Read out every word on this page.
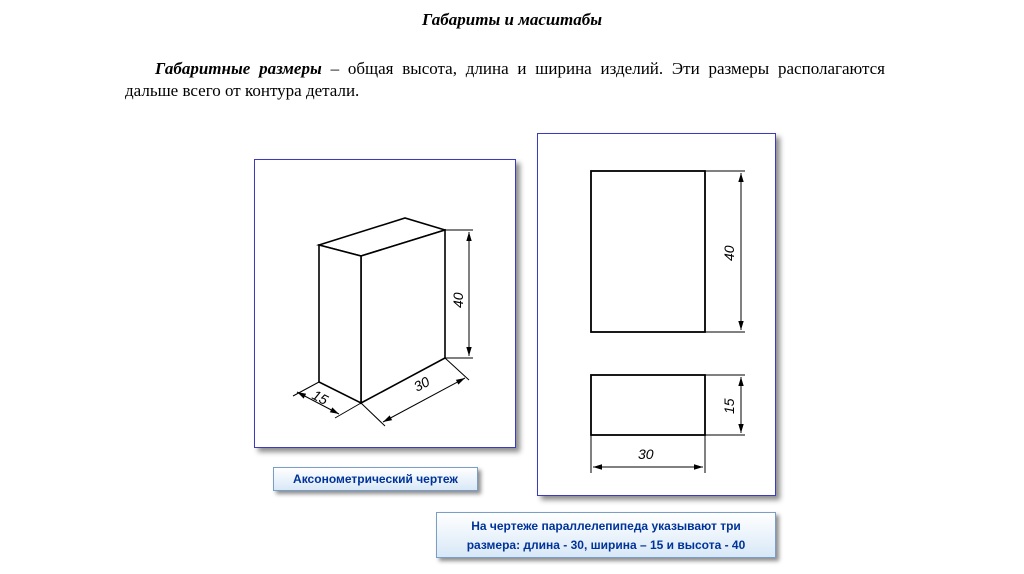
Габариты и масштабы
Габаритные размеры – общая высота, длина и ширина изделий. Эти размеры располагаются дальше всего от контура детали.
40
30
15
Аксонометрический чертеж
40
15
30
На чертеже параллелепипеда указывают три
размера: длина - 30, ширина – 15 и высота - 40
